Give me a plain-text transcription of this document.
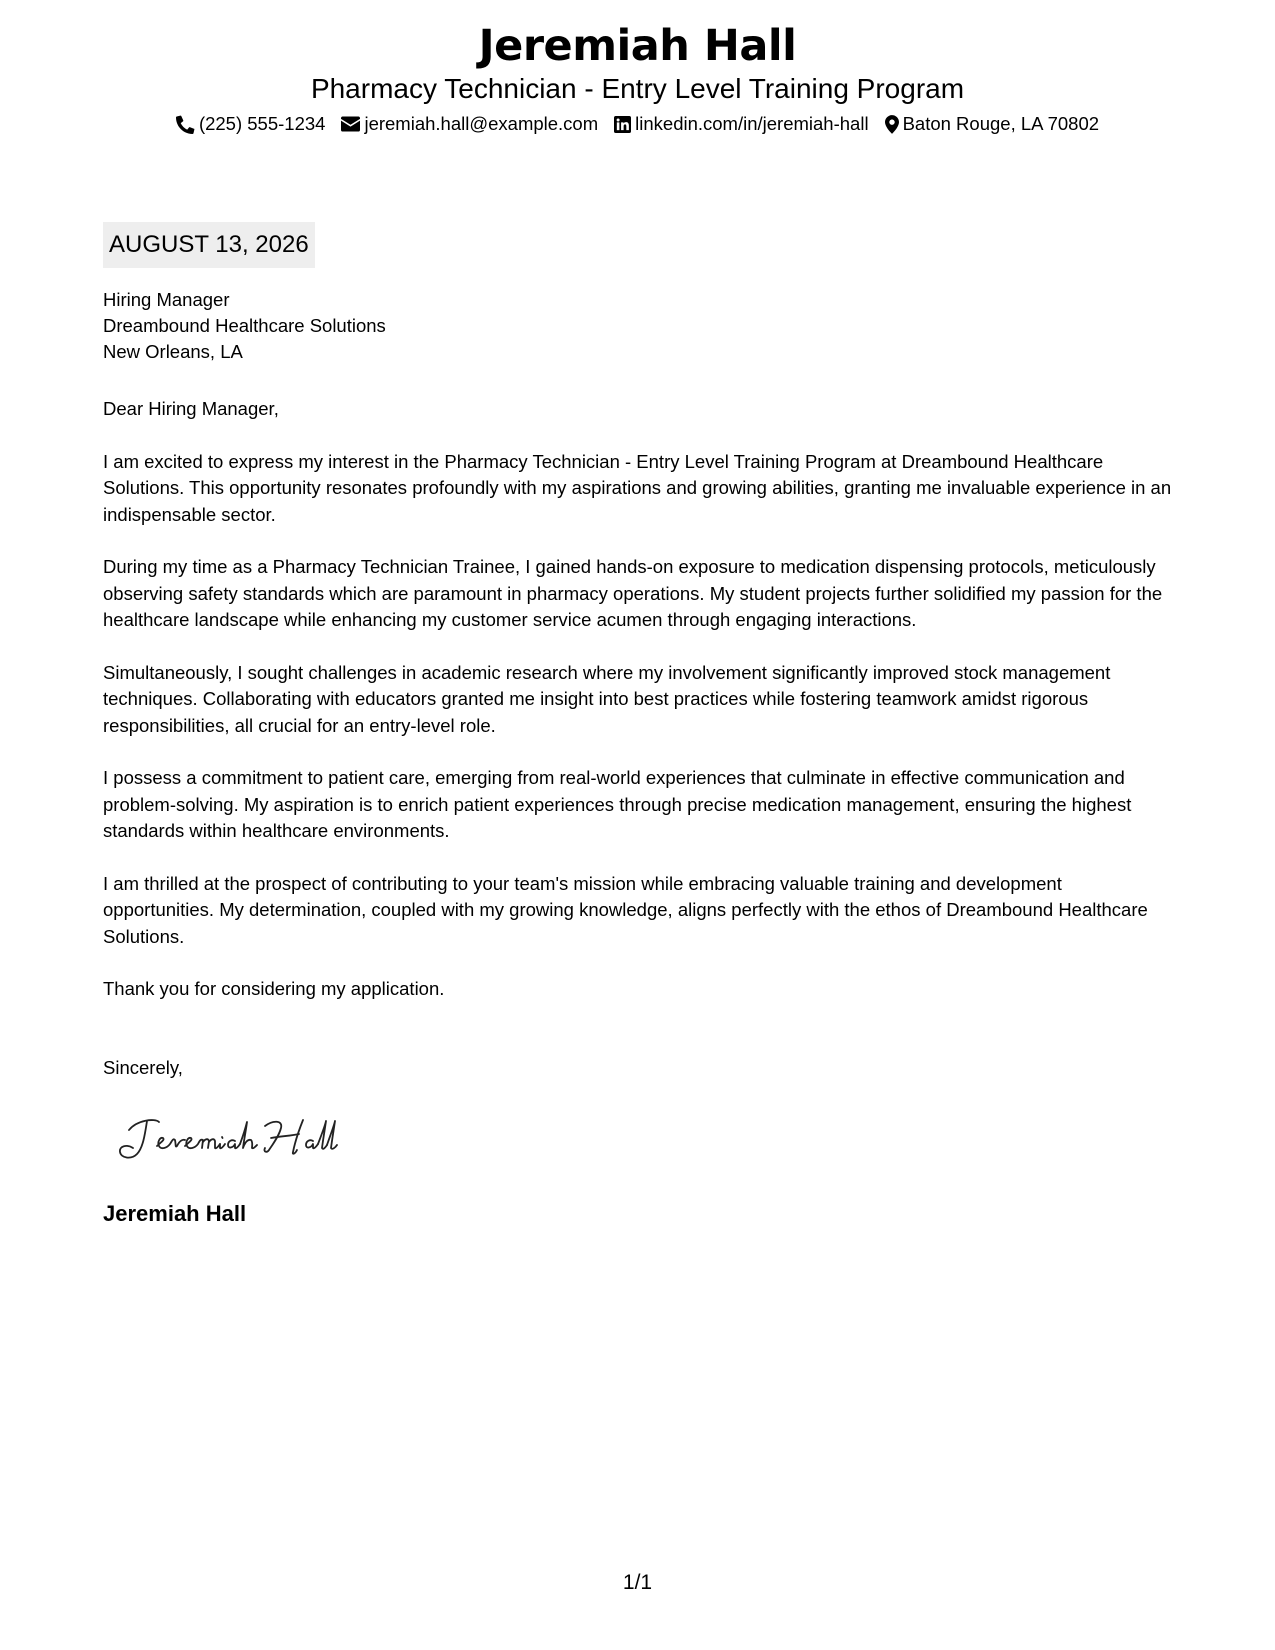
Jeremiah Hall
Pharmacy Technician - Entry Level Training Program
(225) 555-1234 jeremiah.hall@example.com linkedin.com/in/jeremiah-hall Baton Rouge, LA 70802
AUGUST 13, 2026
Hiring Manager
Dreambound Healthcare Solutions
New Orleans, LA

Dear Hiring Manager,

I am excited to express my interest in the Pharmacy Technician - Entry Level Training Program at Dreambound Healthcare Solutions. This opportunity resonates profoundly with my aspirations and growing abilities, granting me invaluable experience in an indispensable sector.

During my time as a Pharmacy Technician Trainee, I gained hands-on exposure to medication dispensing protocols, meticulously observing safety standards which are paramount in pharmacy operations. My student projects further solidified my passion for the healthcare landscape while enhancing my customer service acumen through engaging interactions.

Simultaneously, I sought challenges in academic research where my involvement significantly improved stock management techniques. Collaborating with educators granted me insight into best practices while fostering teamwork amidst rigorous responsibilities, all crucial for an entry-level role.

I possess a commitment to patient care, emerging from real-world experiences that culminate in effective communication and problem-solving. My aspiration is to enrich patient experiences through precise medication management, ensuring the highest standards within healthcare environments.

I am thrilled at the prospect of contributing to your team's mission while embracing valuable training and development opportunities. My determination, coupled with my growing knowledge, aligns perfectly with the ethos of Dreambound Healthcare Solutions.

Thank you for considering my application.

Sincerely,
Jeremiah Hall
1/1
